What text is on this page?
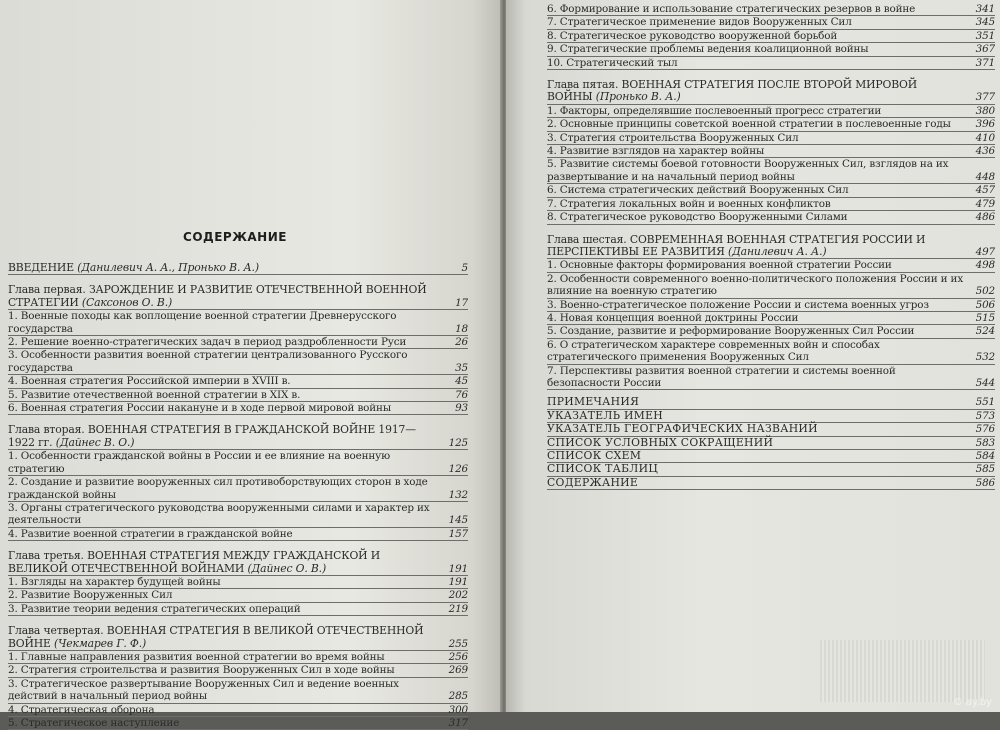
СОДЕРЖАНИЕ
ВВЕДЕНИЕ (Данилевич А. А., Пронько В. А.)	5
Глава первая. ЗАРОЖДЕНИЕ И РАЗВИТИЕ ОТЕЧЕСТВЕННОЙ ВОЕННОЙ СТРАТЕГИИ (Саксонов О. В.)	17
1. Военные походы как воплощение военной стратегии Древнерусского государства	18
2. Решение военно-стратегических задач в период раздробленности Руси	26
3. Особенности развития военной стратегии централизованного Русского государства	35
4. Военная стратегия Российской империи в XVIII в.	45
5. Развитие отечественной военной стратегии в XIX в.	76
6. Военная стратегия России накануне и в ходе первой мировой войны	93
Глава вторая. ВОЕННАЯ СТРАТЕГИЯ В ГРАЖДАНСКОЙ ВОЙНЕ 1917—1922 гг. (Дайнес В. О.)	125
1. Особенности гражданской войны в России и ее влияние на военную стратегию	126
2. Создание и развитие вооруженных сил противоборствующих сторон в ходе гражданской войны	132
3. Органы стратегического руководства вооруженными силами и характер их деятельности	145
4. Развитие военной стратегии в гражданской войне	157
Глава третья. ВОЕННАЯ СТРАТЕГИЯ МЕЖДУ ГРАЖДАНСКОЙ И ВЕЛИКОЙ ОТЕЧЕСТВЕННОЙ ВОЙНАМИ (Дайнес О. В.)	191
1. Взгляды на характер будущей войны	191
2. Развитие Вооруженных Сил	202
3. Развитие теории ведения стратегических операций	219
Глава четвертая. ВОЕННАЯ СТРАТЕГИЯ В ВЕЛИКОЙ ОТЕЧЕСТВЕННОЙ ВОЙНЕ (Чекмарев Г. Ф.)	255
1. Главные направления развития военной стратегии во время войны	256
2. Стратегия строительства и развития Вооруженных Сил в ходе войны	269
3. Стратегическое развертывание Вооруженных Сил и ведение военных действий в начальный период войны	285
4. Стратегическая оборона	300
5. Стратегическое наступление	317
6. Формирование и использование стратегических резервов в войне	341
7. Стратегическое применение видов Вооруженных Сил	345
8. Стратегическое руководство вооруженной борьбой	351
9. Стратегические проблемы ведения коалиционной войны	367
10. Стратегический тыл	371
Глава пятая. ВОЕННАЯ СТРАТЕГИЯ ПОСЛЕ ВТОРОЙ МИРОВОЙ ВОЙНЫ (Пронько В. А.)	377
1. Факторы, определявшие послевоенный прогресс стратегии	380
2. Основные принципы советской военной стратегии в послевоенные годы	396
3. Стратегия строительства Вооруженных Сил	410
4. Развитие взглядов на характер войны	436
5. Развитие системы боевой готовности Вооруженных Сил, взглядов на их развертывание и на начальный период войны	448
6. Система стратегических действий Вооруженных Сил	457
7. Стратегия локальных войн и военных конфликтов	479
8. Стратегическое руководство Вооруженными Силами	486
Глава шестая. СОВРЕМЕННАЯ ВОЕННАЯ СТРАТЕГИЯ РОССИИ И ПЕРСПЕКТИВЫ ЕЕ РАЗВИТИЯ (Данилевич А. А.)	497
1. Основные факторы формирования военной стратегии России	498
2. Особенности современного военно-политического положения России и их влияние на военную стратегию	502
3. Военно-стратегическое положение России и система военных угроз	506
4. Новая концепция военной доктрины России	515
5. Создание, развитие и реформирование Вооруженных Сил России	524
6. О стратегическом характере современных войн и способах стратегического применения Вооруженных Сил	532
7. Перспективы развития военной стратегии и системы военной безопасности России	544
ПРИМЕЧАНИЯ	551
УКАЗАТЕЛЬ ИМЕН	573
УКАЗАТЕЛЬ ГЕОГРАФИЧЕСКИХ НАЗВАНИЙ	576
СПИСОК УСЛОВНЫХ СОКРАЩЕНИЙ	583
СПИСОК СХЕМ	584
СПИСОК ТАБЛИЦ	585
СОДЕРЖАНИЕ	586
© ay.by
